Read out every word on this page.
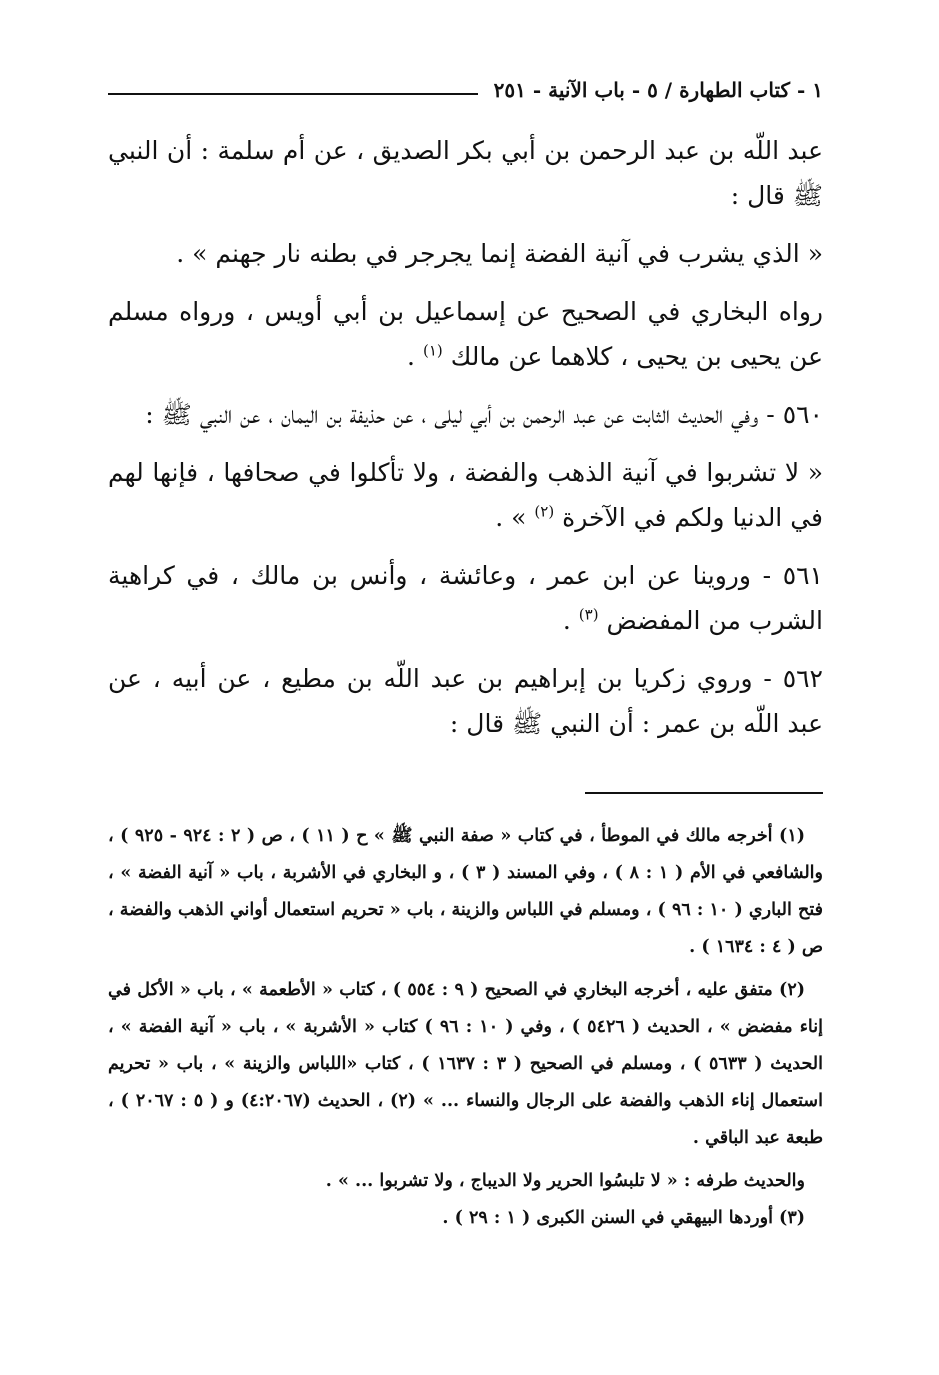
١ - كتاب الطهارة / ٥ - باب الآنية - ٢٥١

عبد اللّه بن عبد الرحمن بن أبي بكر الصديق ، عن أم سلمة : أن النبي ﷺ قال :

« الذي يشرب في آنية الفضة إنما يجرجر في بطنه نار جهنم » .

رواه البخاري في الصحيح عن إسماعيل بن أبي أويس ، ورواه مسلم عن يحيى بن يحيى ، كلاهما عن مالك $^{(١)}$ .

٥٦٠ - وفي الحديث الثابت عن عبد الرحمن بن أبي ليلى ، عن حذيفة بن اليمان ، عن النبي ﷺ :

« لا تشربوا في آنية الذهب والفضة ، ولا تأكلوا في صحافها ، فإنها لهم في الدنيا ولكم في الآخرة $^{(٢)}$ » .

٥٦١ - وروينا عن ابن عمر ، وعائشة ، وأنس بن مالك ، في كراهية الشرب من المفضض $^{(٣)}$ .

٥٦٢ - وروي زكريا بن إبراهيم بن عبد اللّه بن مطيع ، عن أبيه ، عن عبد اللّه بن عمر : أن النبي ﷺ قال :

(١) أخرجه مالك في الموطأ ، في كتاب « صفة النبي ﷺ » ح ( ١١ ) ، ص ( ٢ : ٩٢٤ - ٩٢٥ ) ، والشافعي في الأم ( ١ : ٨ ) ، وفي المسند ( ٣ ) ، و البخاري في الأشربة ، باب « آنية الفضة » ، فتح الباري ( ١٠ : ٩٦ ) ، ومسلم في اللباس والزينة ، باب « تحريم استعمال أواني الذهب والفضة ، ص ( ٤ : ١٦٣٤ ) .

(٢) متفق عليه ، أخرجه البخاري في الصحيح ( ٩ : ٥٥٤ ) ، كتاب « الأطعمة » ، باب « الأكل في إناء مفضض » ، الحديث ( ٥٤٢٦ ) ، وفي ( ١٠ : ٩٦ ) كتاب « الأشربة » ، باب « آنية الفضة » ، الحديث ( ٥٦٣٣ ) ، ومسلم في الصحيح ( ٣ : ١٦٣٧ ) ، كتاب «اللباس والزينة » ، باب « تحريم استعمال إناء الذهب والفضة على الرجال والنساء ... » (٢) ، الحديث (٤:٢٠٦٧) و ( ٥ : ٢٠٦٧ ) ، طبعة عبد الباقي .

والحديث طرفه : « لا تلبسُوا الحرير ولا الديباج ، ولا تشربوا ... » .

(٣) أوردها البيهقي في السنن الكبرى ( ١ : ٢٩ ) .
